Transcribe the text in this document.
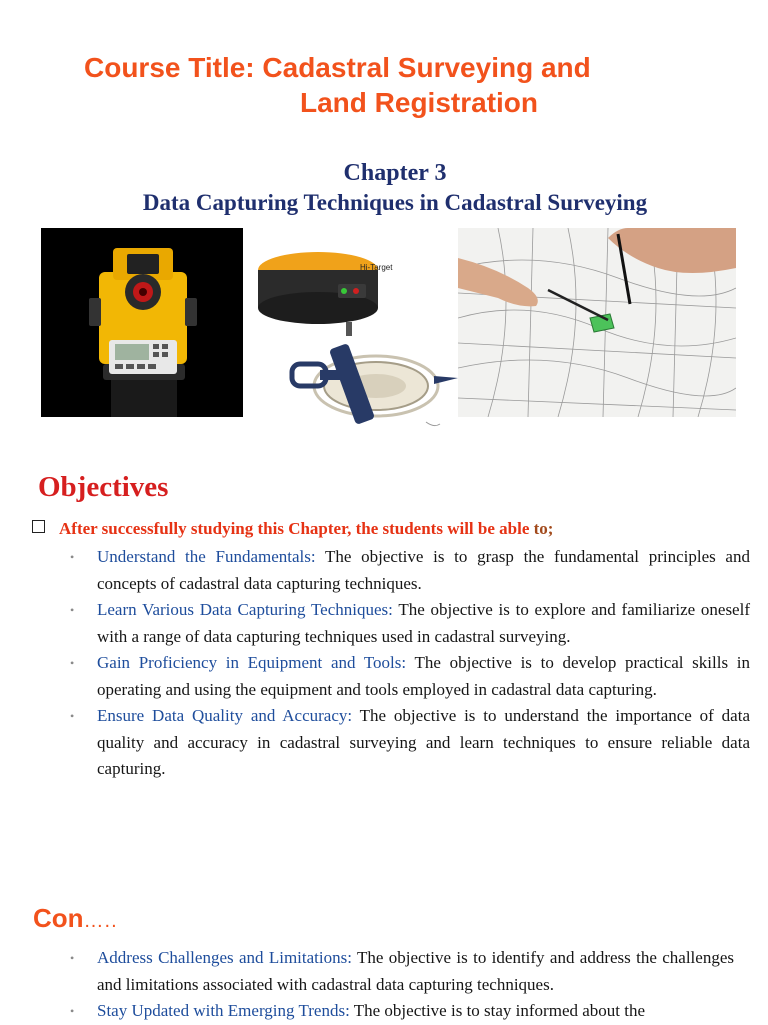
Course Title: Cadastral Surveying and
Land Registration
Chapter 3
Data Capturing Techniques in Cadastral Surveying
Hi-Target
Objectives
After successfully studying this Chapter, the students will be able to;
• Understand the Fundamentals: The objective is to grasp the fundamental principles and concepts of cadastral data capturing techniques.
• Learn Various Data Capturing Techniques: The objective is to explore and familiarize oneself with a range of data capturing techniques used in cadastral surveying.
• Gain Proficiency in Equipment and Tools: The objective is to develop practical skills in operating and using the equipment and tools employed in cadastral data capturing.
• Ensure Data Quality and Accuracy: The objective is to understand the importance of data quality and accuracy in cadastral surveying and learn techniques to ensure reliable data capturing.
Con…..
• Address Challenges and Limitations: The objective is to identify and address the challenges and limitations associated with cadastral data capturing techniques.
• Stay Updated with Emerging Trends: The objective is to stay informed about the
